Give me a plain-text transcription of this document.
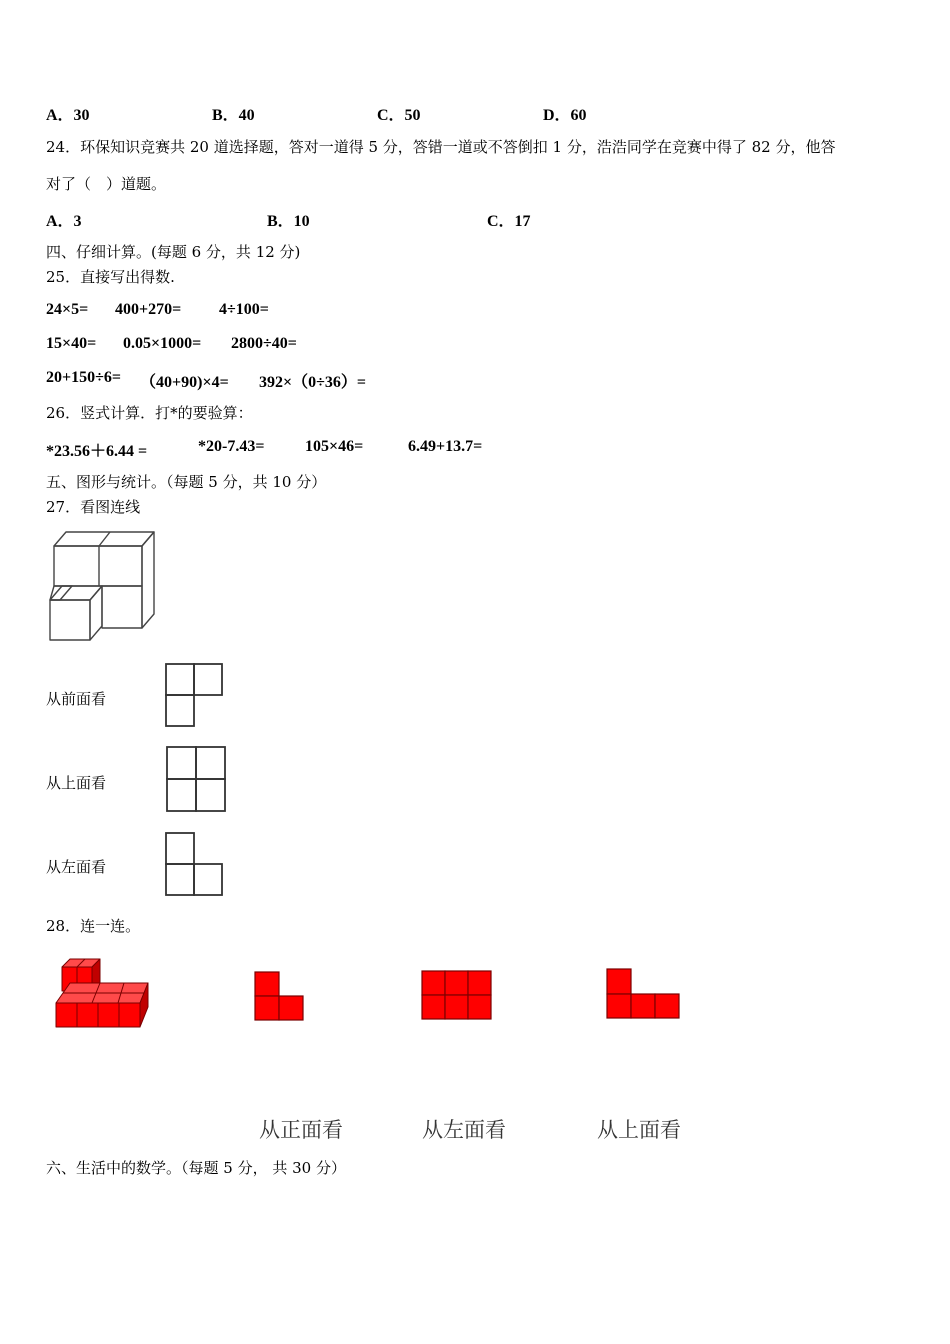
A．30	B．40	C．50	D．60
24．环保知识竞赛共 20 道选择题，答对一道得 5 分，答错一道或不答倒扣 1 分，浩浩同学在竞赛中得了 82 分，他答
对了（　）道题。
A．3	B．10	C．17
四、仔细计算。(每题 6 分，共 12 分)
25．直接写出得数.
24×5= 400+270= 4÷100=
15×40= 0.05×1000= 2800÷40=
20+150÷6= （40+90)×4= 392×（0÷36）=
26．竖式计算．打*的要验算：
*23.56＋6.44 =	*20-7.43=	105×46=	6.49+13.7=
五、图形与统计。（每题 5 分，共 10 分）
27．看图连线
从前面看
从上面看
从左面看
28．连一连。
从正面看	从左面看	从上面看
六、生活中的数学。（每题 5 分， 共 30 分）
